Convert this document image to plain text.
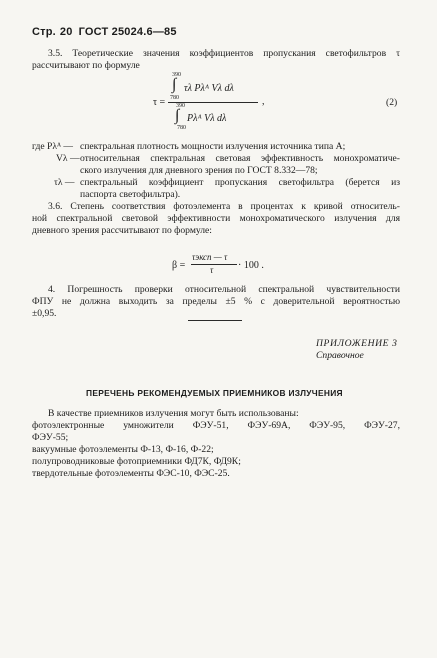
Стр. 20 ГОСТ 25024.6—85
3.5. Теоретические значения коэффициентов пропускания светофильтров τ
рассчитывают по формуле
390
∫ τλ Pλᴬ Vλ dλ
780
τ = 390
∫ Pλᴬ Vλ dλ
780
,	(2)
где Pλᴬ — спектральная плотность мощности излучения источника типа А;
Vλ — относительная спектральная световая эффективность монохроматиче-
ского излучения для дневного зрения по ГОСТ 8.332—78;
τλ — спектральный коэффициент пропускания светофильтра (берется из
паспорта светофильтра).
3.6. Степень соответствия фотоэлемента в процентах к кривой относитель-
ной спектральной световой эффективности монохроматического излучения для
дневного зрения рассчитывают по формуле:
β =
τэксп — τ
τ · 100 .
4. Погрешность проверки относительной спектральной чувствительности
ФПУ не должна выходить за пределы ±5 % с доверительной вероятностью
±0,95.
ПРИЛОЖЕНИЕ 3
Справочное
ПЕРЕЧЕНЬ РЕКОМЕНДУЕМЫХ ПРИЕМНИКОВ ИЗЛУЧЕНИЯ
В качестве приемников излучения могут быть использованы:
фотоэлектронные умножители ФЭУ-51, ФЭУ-69А, ФЭУ-95, ФЭУ-27,
ФЭУ-55;
вакуумные фотоэлементы Ф-13, Ф-16, Ф-22;
полупроводниковые фотоприемники ФД7К, ФД9К;
твердотельные фотоэлементы ФЭС-10, ФЭС-25.
